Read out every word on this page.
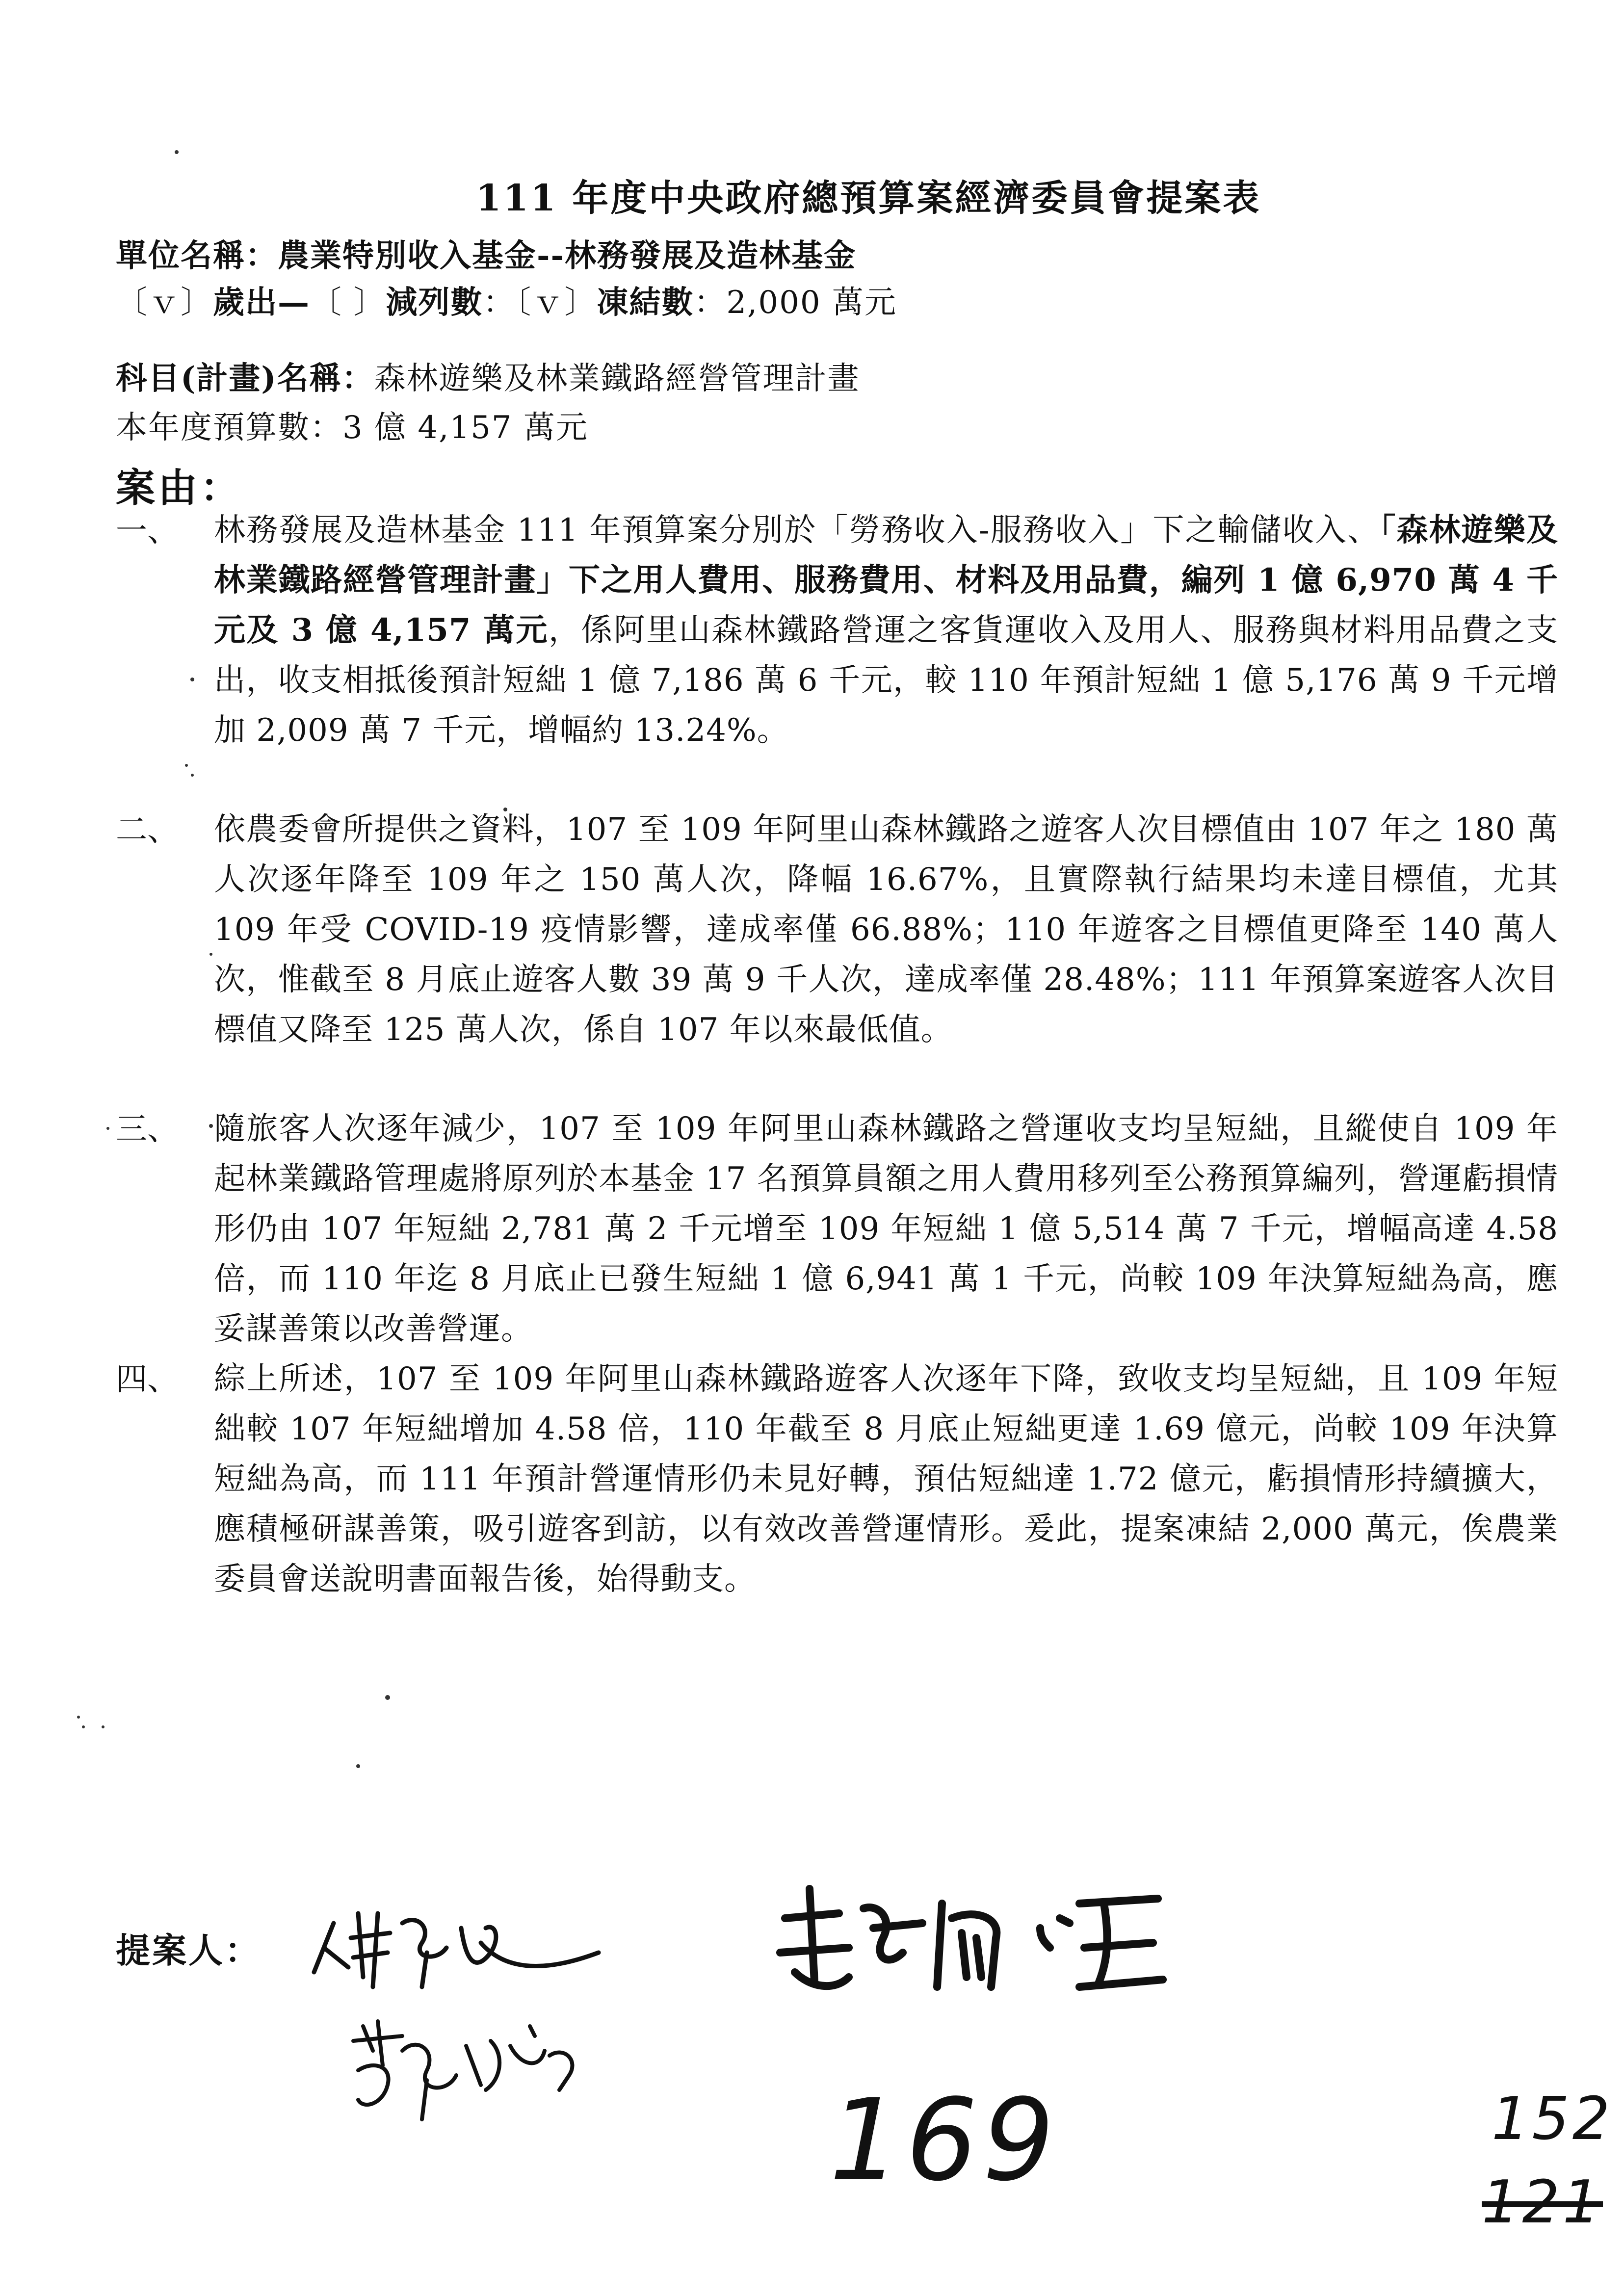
111 年度中央政府總預算案經濟委員會提案表
單位名稱：農業特別收入基金--林務發展及造林基金
〔ｖ〕歲出—〔 〕減列數：〔ｖ〕凍結數：2,000 萬元
科目(計畫)名稱：森林遊樂及林業鐵路經營管理計畫
本年度預算數：3 億 4,157 萬元
案由：
一、	林務發展及造林基金 111 年預算案分別於「勞務收入-服務收入」下之輸儲收入、「森林遊樂及林業鐵路經營管理計畫」下之用人費用、服務費用、材料及用品費，編列 1 億 6,970 萬 4 千元及 3 億 4,157 萬元，係阿里山森林鐵路營運之客貨運收入及用人、服務與材料用品費之支出，收支相抵後預計短絀 1 億 7,186 萬 6 千元，較 110 年預計短絀 1 億 5,176 萬 9 千元增加 2,009 萬 7 千元，增幅約 13.24%。
二、	依農委會所提供之資料，107 至 109 年阿里山森林鐵路之遊客人次目標值由 107 年之 180 萬人次逐年降至 109 年之 150 萬人次，降幅 16.67%，且實際執行結果均未達目標值，尤其 109 年受 COVID-19 疫情影響，達成率僅 66.88%；110 年遊客之目標值更降至 140 萬人次，惟截至 8 月底止遊客人數 39 萬 9 千人次，達成率僅 28.48%；111 年預算案遊客人次目標值又降至 125 萬人次，係自 107 年以來最低值。
三、	隨旅客人次逐年減少，107 至 109 年阿里山森林鐵路之營運收支均呈短絀，且縱使自 109 年起林業鐵路管理處將原列於本基金 17 名預算員額之用人費用移列至公務預算編列，營運虧損情形仍由 107 年短絀 2,781 萬 2 千元增至 109 年短絀 1 億 5,514 萬 7 千元，增幅高達 4.58 倍，而 110 年迄 8 月底止已發生短絀 1 億 6,941 萬 1 千元，尚較 109 年決算短絀為高，應妥謀善策以改善營運。
四、	綜上所述，107 至 109 年阿里山森林鐵路遊客人次逐年下降，致收支均呈短絀，且 109 年短絀較 107 年短絀增加 4.58 倍，110 年截至 8 月底止短絀更達 1.69 億元，尚較 109 年決算短絀為高，而 111 年預計營運情形仍未見好轉，預估短絀達 1.72 億元，虧損情形持續擴大，應積極研謀善策，吸引遊客到訪，以有效改善營運情形。爰此，提案凍結 2,000 萬元，俟農業委員會送說明書面報告後，始得動支。
提案人：
169	152
121
